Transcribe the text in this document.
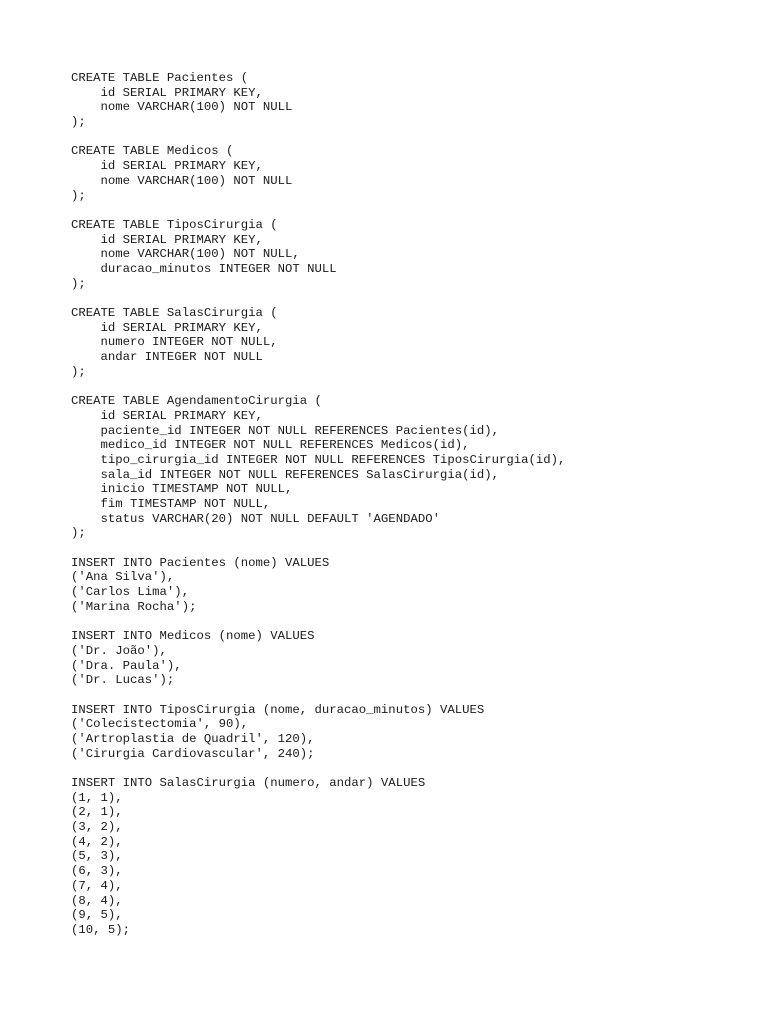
CREATE TABLE Pacientes (
id SERIAL PRIMARY KEY,
nome VARCHAR(100) NOT NULL
);
CREATE TABLE Medicos (
id SERIAL PRIMARY KEY,
nome VARCHAR(100) NOT NULL
);
CREATE TABLE TiposCirurgia (
id SERIAL PRIMARY KEY,
nome VARCHAR(100) NOT NULL,
duracao_minutos INTEGER NOT NULL
);
CREATE TABLE SalasCirurgia (
id SERIAL PRIMARY KEY,
numero INTEGER NOT NULL,
andar INTEGER NOT NULL
);
CREATE TABLE AgendamentoCirurgia (
id SERIAL PRIMARY KEY,
paciente_id INTEGER NOT NULL REFERENCES Pacientes(id),
medico_id INTEGER NOT NULL REFERENCES Medicos(id),
tipo_cirurgia_id INTEGER NOT NULL REFERENCES TiposCirurgia(id),
sala_id INTEGER NOT NULL REFERENCES SalasCirurgia(id),
inicio TIMESTAMP NOT NULL,
fim TIMESTAMP NOT NULL,
status VARCHAR(20) NOT NULL DEFAULT 'AGENDADO'
);
INSERT INTO Pacientes (nome) VALUES
('Ana Silva'),
('Carlos Lima'),
('Marina Rocha');
INSERT INTO Medicos (nome) VALUES
('Dr. João'),
('Dra. Paula'),
('Dr. Lucas');
INSERT INTO TiposCirurgia (nome, duracao_minutos) VALUES
('Colecistectomia', 90),
('Artroplastia de Quadril', 120),
('Cirurgia Cardiovascular', 240);
INSERT INTO SalasCirurgia (numero, andar) VALUES
(1, 1),
(2, 1),
(3, 2),
(4, 2),
(5, 3),
(6, 3),
(7, 4),
(8, 4),
(9, 5),
(10, 5);
